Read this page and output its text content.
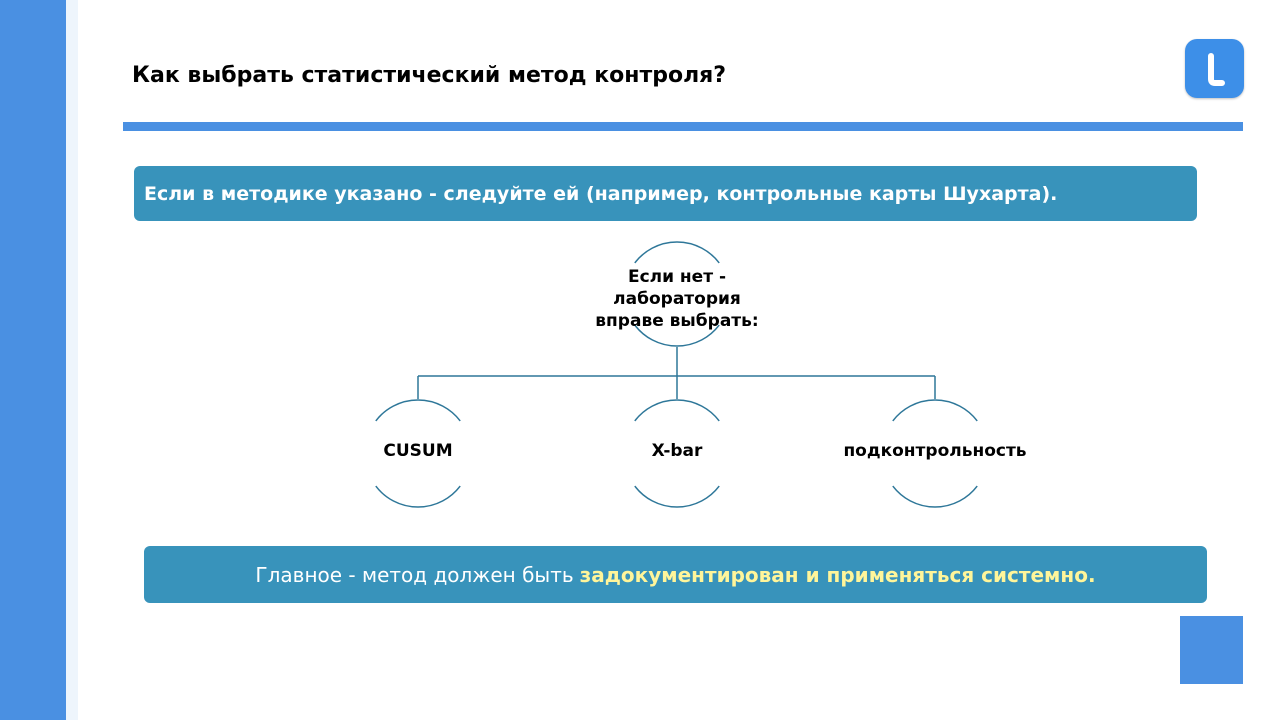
Как выбрать статистический метод контроля?
Если в методике указано - следуйте ей (например, контрольные карты Шухарта).
Если нет -
лаборатория
вправе выбрать:
CUSUM	X-bar	подконтрольность
Главное - метод должен быть задокументирован и применяться системно.
